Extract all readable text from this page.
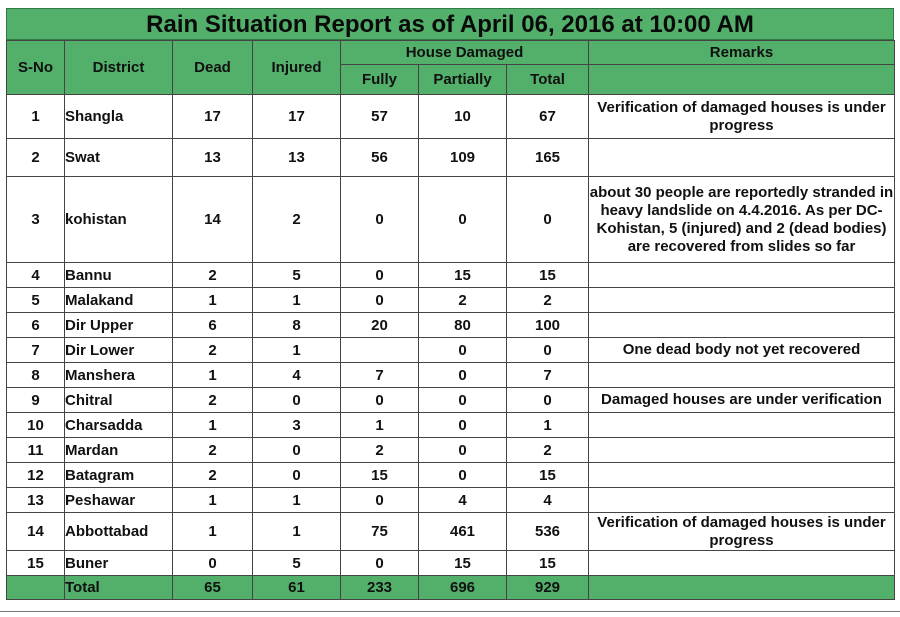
Rain Situation Report as of April 06, 2016 at 10:00 AM
S-No	District	Dead	Injured	House Damaged			Remarks
				Fully	Partially	Total	
1	Shangla	17	17	57	10	67	Verification of damaged houses is under progress
2	Swat	13	13	56	109	165	
3	kohistan	14	2	0	0	0	about 30 people are reportedly stranded in heavy landslide on 4.4.2016. As per DC-Kohistan, 5 (injured) and 2 (dead bodies) are recovered from slides so far
4	Bannu	2	5	0	15	15	
5	Malakand	1	1	0	2	2	
6	Dir Upper	6	8	20	80	100	
7	Dir Lower	2	1		0	0	One dead body not yet recovered
8	Manshera	1	4	7	0	7	
9	Chitral	2	0	0	0	0	Damaged houses are under verification
10	Charsadda	1	3	1	0	1	
11	Mardan	2	0	2	0	2	
12	Batagram	2	0	15	0	15	
13	Peshawar	1	1	0	4	4	
14	Abbottabad	1	1	75	461	536	Verification of damaged houses is under progress
15	Buner	0	5	0	15	15	
	Total	65	61	233	696	929	
